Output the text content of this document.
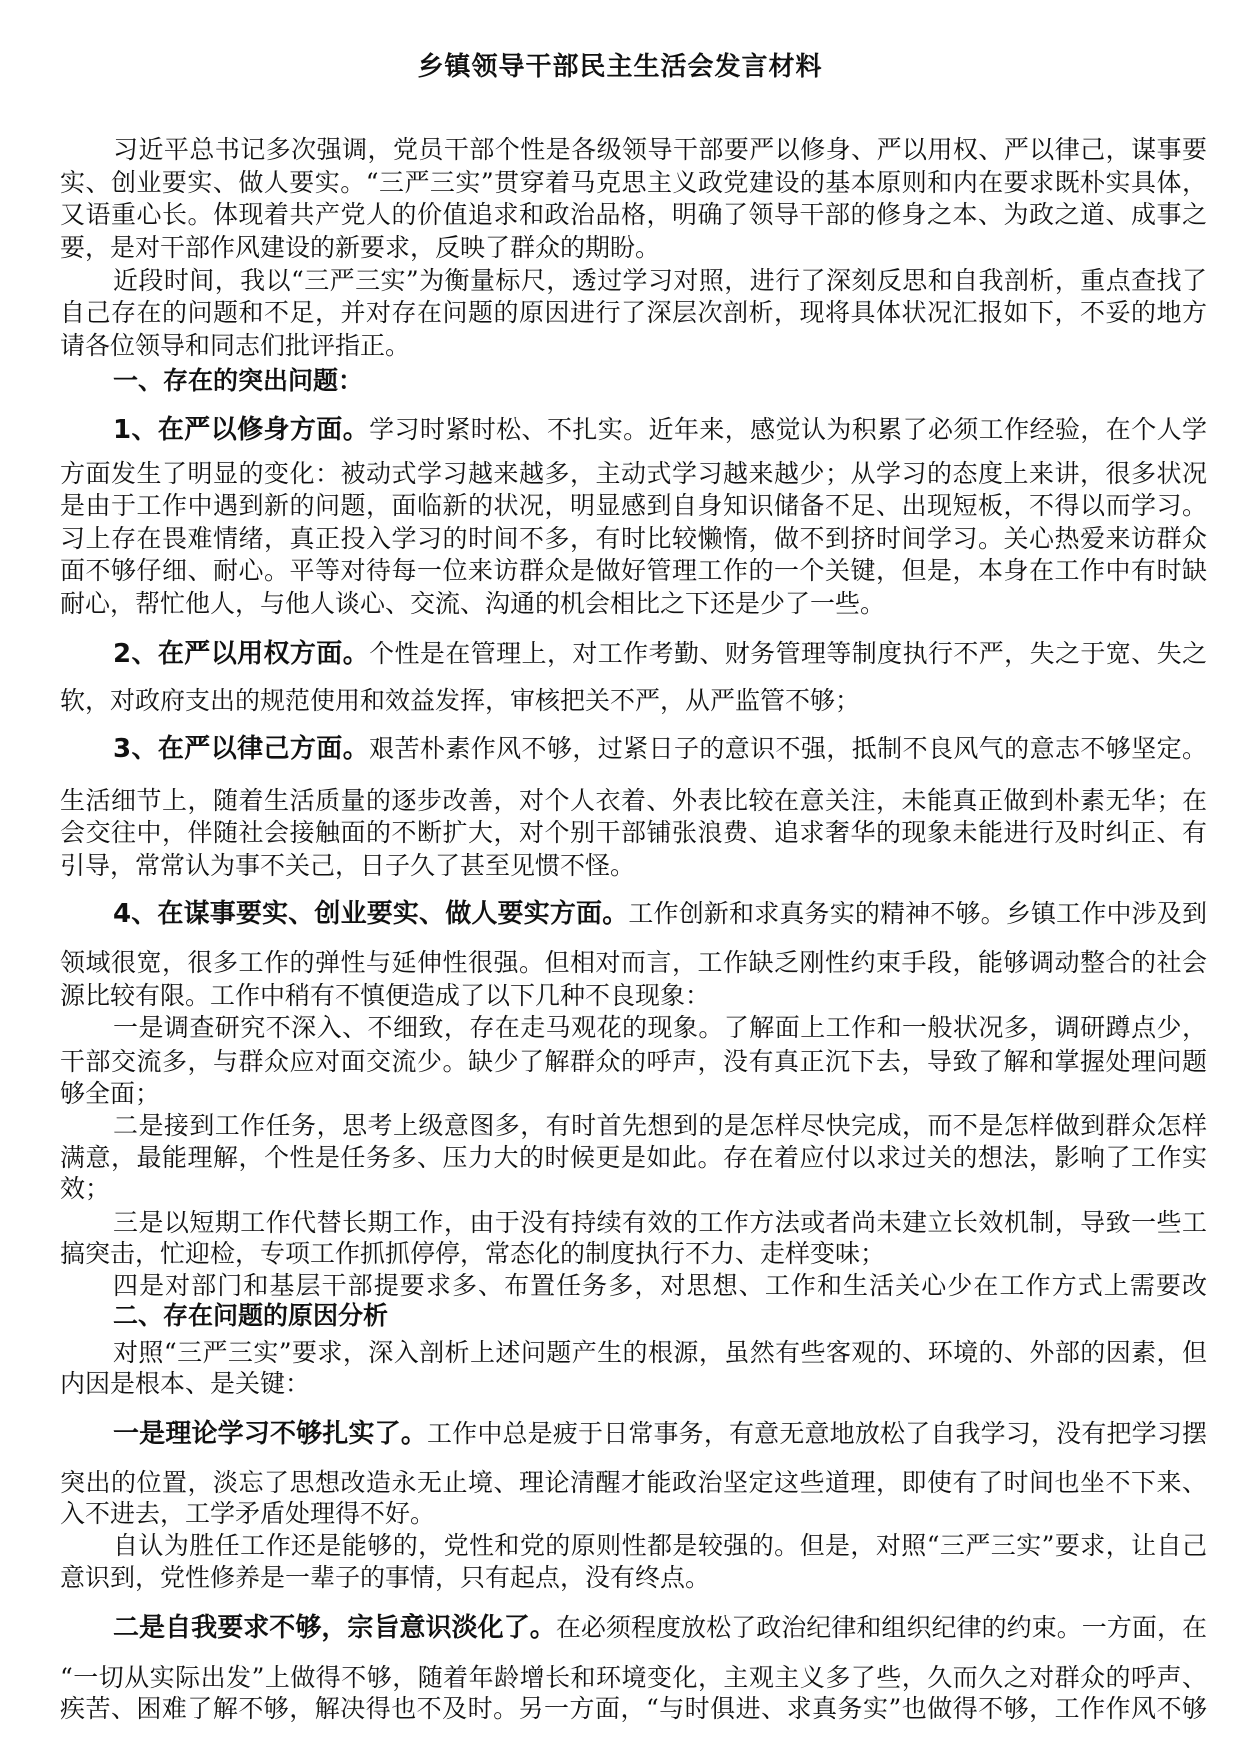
乡镇领导干部民主生活会发言材料
习近平总书记多次强调，党员干部个性是各级领导干部要严以修身、严以用权、严以律己，谋事要
实、创业要实、做人要实。“三严三实”贯穿着马克思主义政党建设的基本原则和内在要求既朴实具体，
又语重心长。体现着共产党人的价值追求和政治品格，明确了领导干部的修身之本、为政之道、成事之
要，是对干部作风建设的新要求，反映了群众的期盼。
近段时间，我以“三严三实”为衡量标尺，透过学习对照，进行了深刻反思和自我剖析，重点查找了
自己存在的问题和不足，并对存在问题的原因进行了深层次剖析，现将具体状况汇报如下，不妥的地方
请各位领导和同志们批评指正。
一、存在的突出问题：
1、在严以修身方面。学习时紧时松、不扎实。近年来，感觉认为积累了必须工作经验，在个人学
方面发生了明显的变化：被动式学习越来越多，主动式学习越来越少；从学习的态度上来讲，很多状况
是由于工作中遇到新的问题，面临新的状况，明显感到自身知识储备不足、出现短板，不得以而学习。
习上存在畏难情绪，真正投入学习的时间不多，有时比较懒惰，做不到挤时间学习。关心热爱来访群众
面不够仔细、耐心。平等对待每一位来访群众是做好管理工作的一个关键，但是，本身在工作中有时缺
耐心，帮忙他人，与他人谈心、交流、沟通的机会相比之下还是少了一些。
2、在严以用权方面。个性是在管理上，对工作考勤、财务管理等制度执行不严，失之于宽、失之
软，对政府支出的规范使用和效益发挥，审核把关不严，从严监管不够；
3、在严以律己方面。艰苦朴素作风不够，过紧日子的意识不强，抵制不良风气的意志不够坚定。
生活细节上，随着生活质量的逐步改善，对个人衣着、外表比较在意关注，未能真正做到朴素无华；在
会交往中，伴随社会接触面的不断扩大，对个别干部铺张浪费、追求奢华的现象未能进行及时纠正、有
引导，常常认为事不关己，日子久了甚至见惯不怪。
4、在谋事要实、创业要实、做人要实方面。工作创新和求真务实的精神不够。乡镇工作中涉及到
领域很宽，很多工作的弹性与延伸性很强。但相对而言，工作缺乏刚性约束手段，能够调动整合的社会
源比较有限。工作中稍有不慎便造成了以下几种不良现象：
一是调查研究不深入、不细致，存在走马观花的现象。了解面上工作和一般状况多，调研蹲点少，
干部交流多，与群众应对面交流少。缺少了解群众的呼声，没有真正沉下去，导致了解和掌握处理问题
够全面；
二是接到工作任务，思考上级意图多，有时首先想到的是怎样尽快完成，而不是怎样做到群众怎样
满意，最能理解，个性是任务多、压力大的时候更是如此。存在着应付以求过关的想法，影响了工作实
效；
三是以短期工作代替长期工作，由于没有持续有效的工作方法或者尚未建立长效机制，导致一些工
搞突击，忙迎检，专项工作抓抓停停，常态化的制度执行不力、走样变味；
四是对部门和基层干部提要求多、布置任务多，对思想、工作和生活关心少在工作方式上需要改
二、存在问题的原因分析
对照“三严三实”要求，深入剖析上述问题产生的根源，虽然有些客观的、环境的、外部的因素，但
内因是根本、是关键：
一是理论学习不够扎实了。工作中总是疲于日常事务，有意无意地放松了自我学习，没有把学习摆
突出的位置，淡忘了思想改造永无止境、理论清醒才能政治坚定这些道理，即使有了时间也坐不下来、
入不进去，工学矛盾处理得不好。
自认为胜任工作还是能够的，党性和党的原则性都是较强的。但是，对照“三严三实”要求，让自己
意识到，党性修养是一辈子的事情，只有起点，没有终点。
二是自我要求不够，宗旨意识淡化了。在必须程度放松了政治纪律和组织纪律的约束。一方面，在
“一切从实际出发”上做得不够，随着年龄增长和环境变化，主观主义多了些，久而久之对群众的呼声、
疾苦、困难了解不够，解决得也不及时。另一方面，“与时俱进、求真务实”也做得不够，工作作风不够
